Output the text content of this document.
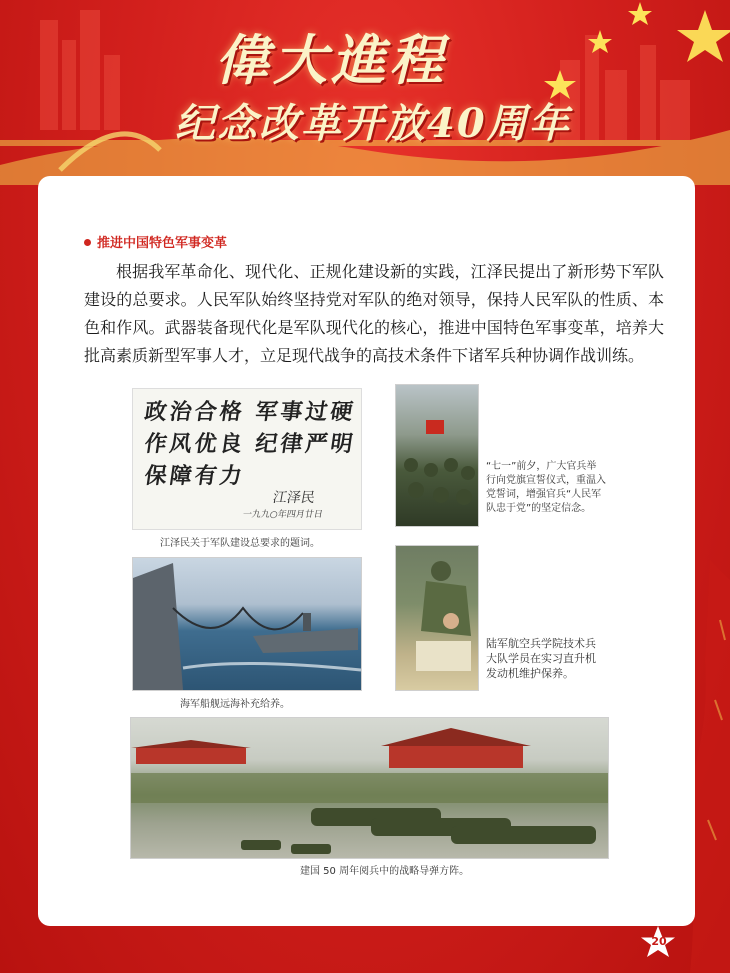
偉大進程
纪念改革开放40周年
推进中国特色军事变革

根据我军革命化、现代化、正规化建设新的实践，江泽民提出了新形势下军队建设的总要求。人民军队始终坚持党对军队的绝对领导，保持人民军队的性质、本色和作风。武器装备现代化是军队现代化的核心，推进中国特色军事变革，培养大批高素质新型军事人才，立足现代战争的高技术条件下诸军兵种协调作战训练。

政治合格 军事过硬

作风优良 纪律严明

保障有力

江泽民

一九九○年四月廿日

江泽民关于军队建设总要求的题词。

“七一”前夕，广大官兵举行向党旗宣誓仪式，重温入党誓词，增强官兵“人民军队忠于党”的坚定信念。

海军船舰远海补充给养。

陆军航空兵学院技术兵大队学员在实习直升机发动机维护保养。

建国 50 周年阅兵中的战略导弹方阵。

20
